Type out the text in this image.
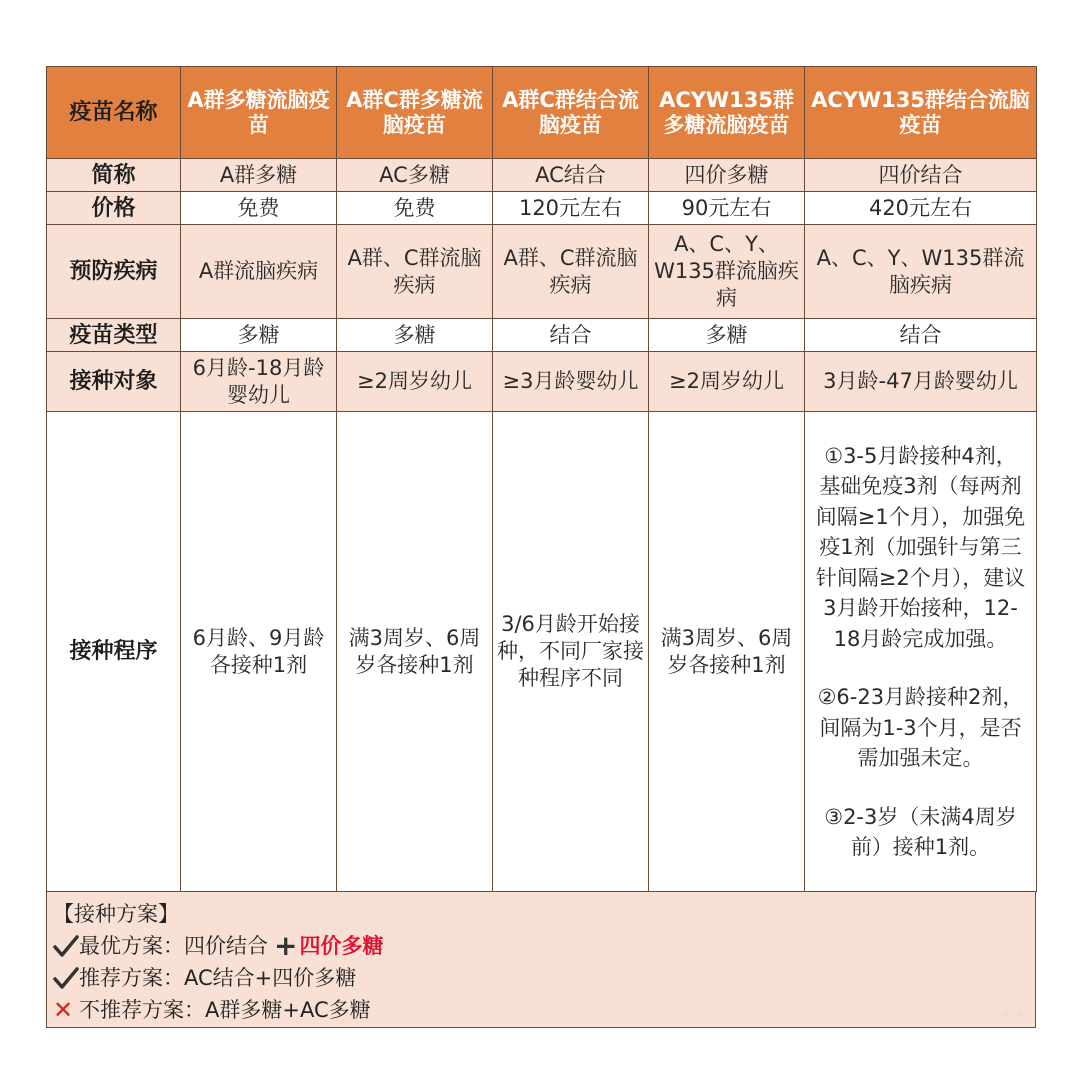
疫苗名称	A群多糖流脑疫苗	A群C群多糖流脑疫苗	A群C群结合流脑疫苗	ACYW135群多糖流脑疫苗	ACYW135群结合流脑疫苗
简称	A群多糖	AC多糖	AC结合	四价多糖	四价结合
价格	免费	免费	120元左右	90元左右	420元左右
预防疾病	A群流脑疾病	A群、C群流脑疾病	A群、C群流脑疾病	A、C、Y、W135群流脑疾病	A、C、Y、W135群流脑疾病
疫苗类型	多糖	多糖	结合	多糖	结合
接种对象	6月龄-18月龄婴幼儿	≥2周岁幼儿	≥3月龄婴幼儿	≥2周岁幼儿	3月龄-47月龄婴幼儿
接种程序	6月龄、9月龄各接种1剂	满3周岁、6周岁各接种1剂	3/6月龄开始接种，不同厂家接种程序不同	满3周岁、6周岁各接种1剂	①3-5月龄接种4剂，基础免疫3剂（每两剂间隔≥1个月），加强免疫1剂（加强针与第三针间隔≥2个月），建议3月龄开始接种，12-18月龄完成加强。
②6-23月龄接种2剂，间隔为1-3个月，是否需加强未定。
③2-3岁（未满4周岁前）接种1剂。
【接种方案】
最优方案：四价结合 + 四价多糖
推荐方案：AC结合+四价多糖
✕ 不推荐方案：A群多糖+AC多糖	◦ ◦
